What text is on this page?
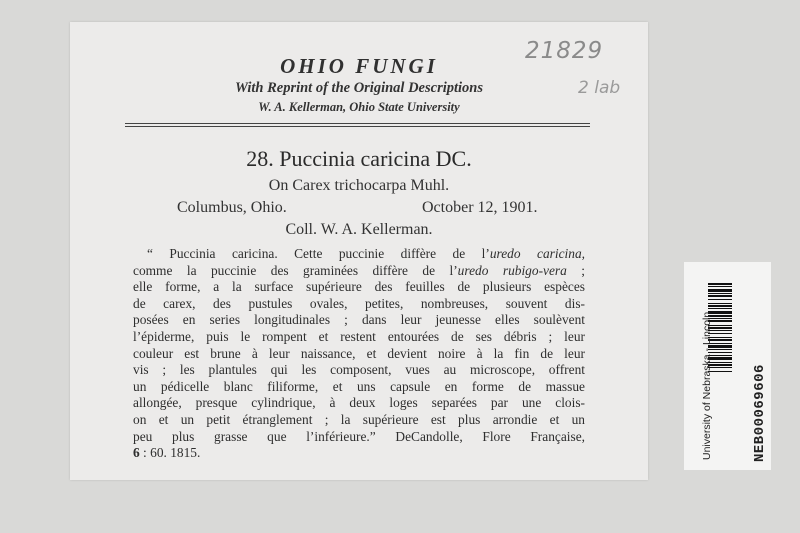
OHIO FUNGI
With Reprint of the Original Descriptions
W. A. Kellerman, Ohio State University
21829
2 lab
28. Puccinia caricina DC.
On Carex trichocarpa Muhl.
Columbus, Ohio.	October 12, 1901.
Coll. W. A. Kellerman.
“ Puccinia caricina. Cette puccinie diffère de l’uredo caricina,
comme la puccinie des graminées diffère de l’uredo rubigo-vera ;
elle forme, a la surface supérieure des feuilles de plusieurs espèces
de carex, des pustules ovales, petites, nombreuses, souvent dis-
posées en series longitudinales ; dans leur jeunesse elles soulèvent
l’épiderme, puis le rompent et restent entourées de ses débris ; leur
couleur est brune à leur naissance, et devient noire à la fin de leur
vis ; les plantules qui les composent, vues au microscope, offrent
un pédicelle blanc filiforme, et uns capsule en forme de massue
allongée, presque cylindrique, à deux loges separées par une clois-
on et un petit étranglement ; la supérieure est plus arrondie et un
peu plus grasse que l’inférieure.” DeCandolle, Flore Française,
6 : 60. 1815.	University of Nebraska - Lincoln	NEB00069606
